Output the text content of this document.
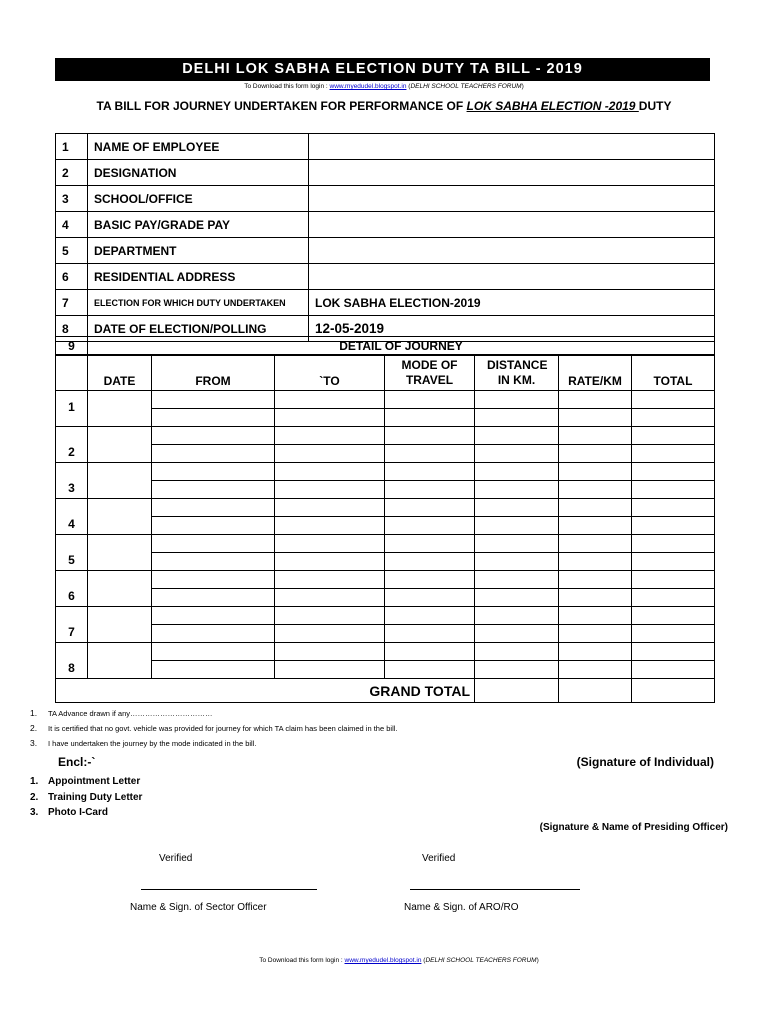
DELHI LOK SABHA ELECTION DUTY TA BILL - 2019
To Download this form login : www.myedudel.blogspot.in (DELHI SCHOOL TEACHERS FORUM)
TA BILL FOR JOURNEY UNDERTAKEN FOR PERFORMANCE OF LOK SABHA ELECTION -2019 DUTY
1	NAME OF EMPLOYEE	
2	DESIGNATION	
3	SCHOOL/OFFICE	
4	BASIC PAY/GRADE PAY	
5	DEPARTMENT	
6	RESIDENTIAL ADDRESS	
7	ELECTION FOR WHICH DUTY UNDERTAKEN	LOK SABHA ELECTION-2019
8	DATE OF ELECTION/POLLING	12-05-2019
9	DETAIL OF JOURNEY
	DATE	FROM	`TO	MODE OF TRAVEL	DISTANCE IN KM.	RATE/KM	TOTAL
1							

2							

3							

4							

5							

6							

7							

8							

GRAND TOTAL							
1. TA Advance drawn if any……………………………
2. It is certified that no govt. vehicle was provided for journey for which TA claim has been claimed in the bill.
3. I have undertaken the journey by the mode indicated in the bill.
Encl:-`
1. Appointment Letter
2. Training Duty Letter
3. Photo I-Card
(Signature of Individual)
(Signature & Name of Presiding Officer)
Verified	Verified
Name & Sign. of Sector Officer	Name & Sign. of ARO/RO
To Download this form login : www.myedudel.blogspot.in (DELHI SCHOOL TEACHERS FORUM)
